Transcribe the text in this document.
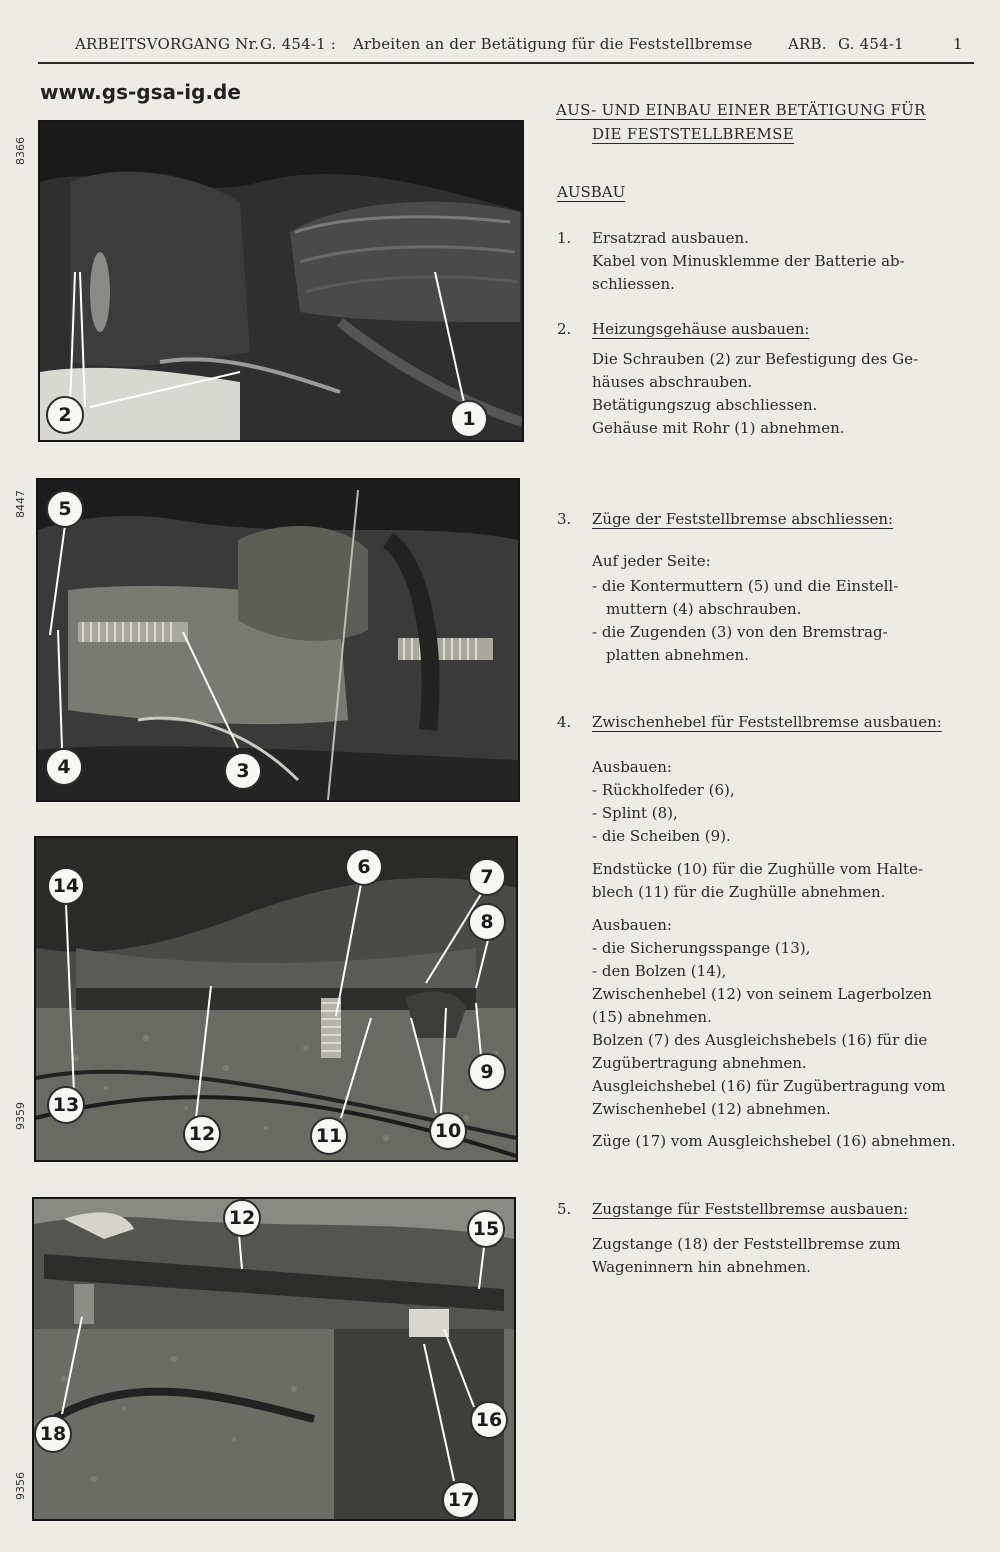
ARBEITSVORGANG Nr. G. 454-1 : Arbeiten an der Betätigung für die Feststellbremse ARB. G. 454-1	1
www.gs-gsa-ig.de
8366
2	1
8447	5
4	3
9359
14
13
12
6
11
7
8
9
10
9356
12	15
18
16
17
AUS- UND EINBAU EINER BETÄTIGUNG FÜR
DIE FESTSTELLBREMSE
AUSBAU
1. Ersatzrad ausbauen.
Kabel von Minusklemme der Batterie ab-
schliessen.
2. Heizungsgehäuse ausbauen:
Die Schrauben (2) zur Befestigung des Ge-
häuses abschrauben.
Betätigungszug abschliessen.
Gehäuse mit Rohr (1) abnehmen.
3. Züge der Feststellbremse abschliessen:
Auf jeder Seite:
- die Kontermuttern (5) und die Einstell-
muttern (4) abschrauben.
- die Zugenden (3) von den Bremstrag-
platten abnehmen.
4. Zwischenhebel für Feststellbremse ausbauen:
Ausbauen:
- Rückholfeder (6),
- Splint (8),
- die Scheiben (9).
Endstücke (10) für die Zughülle vom Halte-
blech (11) für die Zughülle abnehmen.
Ausbauen:
- die Sicherungsspange (13),
- den Bolzen (14),
Zwischenhebel (12) von seinem Lagerbolzen
(15) abnehmen.
Bolzen (7) des Ausgleichshebels (16) für die
Zugübertragung abnehmen.
Ausgleichshebel (16) für Zugübertragung vom
Zwischenhebel (12) abnehmen.
Züge (17) vom Ausgleichshebel (16) abnehmen.
5. Zugstange für Feststellbremse ausbauen:
Zugstange (18) der Feststellbremse zum
Wageninnern hin abnehmen.
